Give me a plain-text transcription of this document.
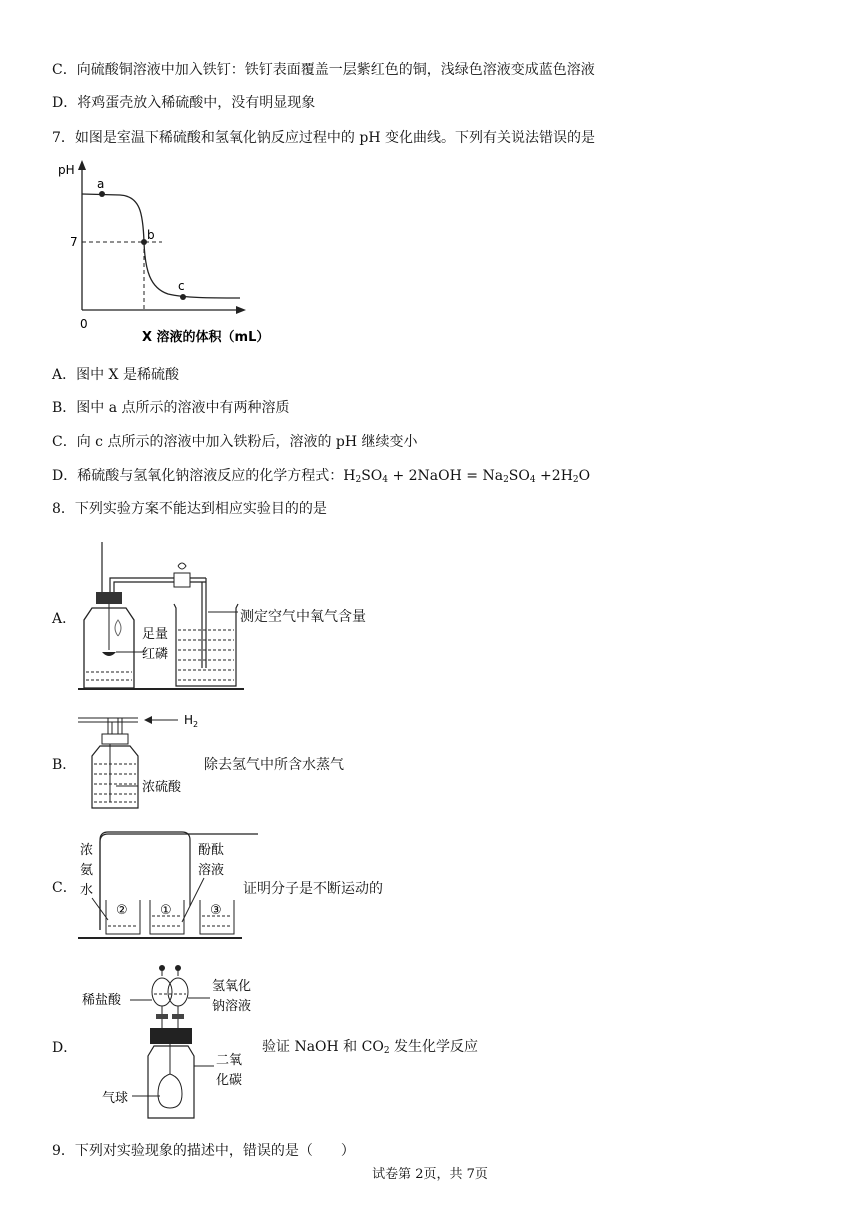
C．向硫酸铜溶液中加入铁钉：铁钉表面覆盖一层紫红色的铜，浅绿色溶液变成蓝色溶液
D．将鸡蛋壳放入稀硫酸中，没有明显现象
7．如图是室温下稀硫酸和氢氧化钠反应过程中的 pH 变化曲线。下列有关说法错误的是
pH
7
0
a
b
c
X 溶液的体积（mL）
A．图中 X 是稀硫酸
B．图中 a 点所示的溶液中有两种溶质
C．向 c 点所示的溶液中加入铁粉后，溶液的 pH 继续变小
D．稀硫酸与氢氧化钠溶液反应的化学方程式：$H_2SO_4$ + 2NaOH = $Na_2SO_4 +2H_2O$
8．下列实验方案不能达到相应实验目的的是
A．
足量
红磷
测定空气中氧气含量
B．
$H_2$
浓硫酸
除去氢气中所含水蒸气
C．
浓
氨
水
酚酞
溶液
② ①	③
证明分子是不断运动的
D．
稀盐酸
氢氧化
钠溶液
二氧
化碳
气球
验证 NaOH 和 $CO_2$ 发生化学反应
9．下列对实验现象的描述中，错误的是（　　）
试卷第 2页，共 7页
